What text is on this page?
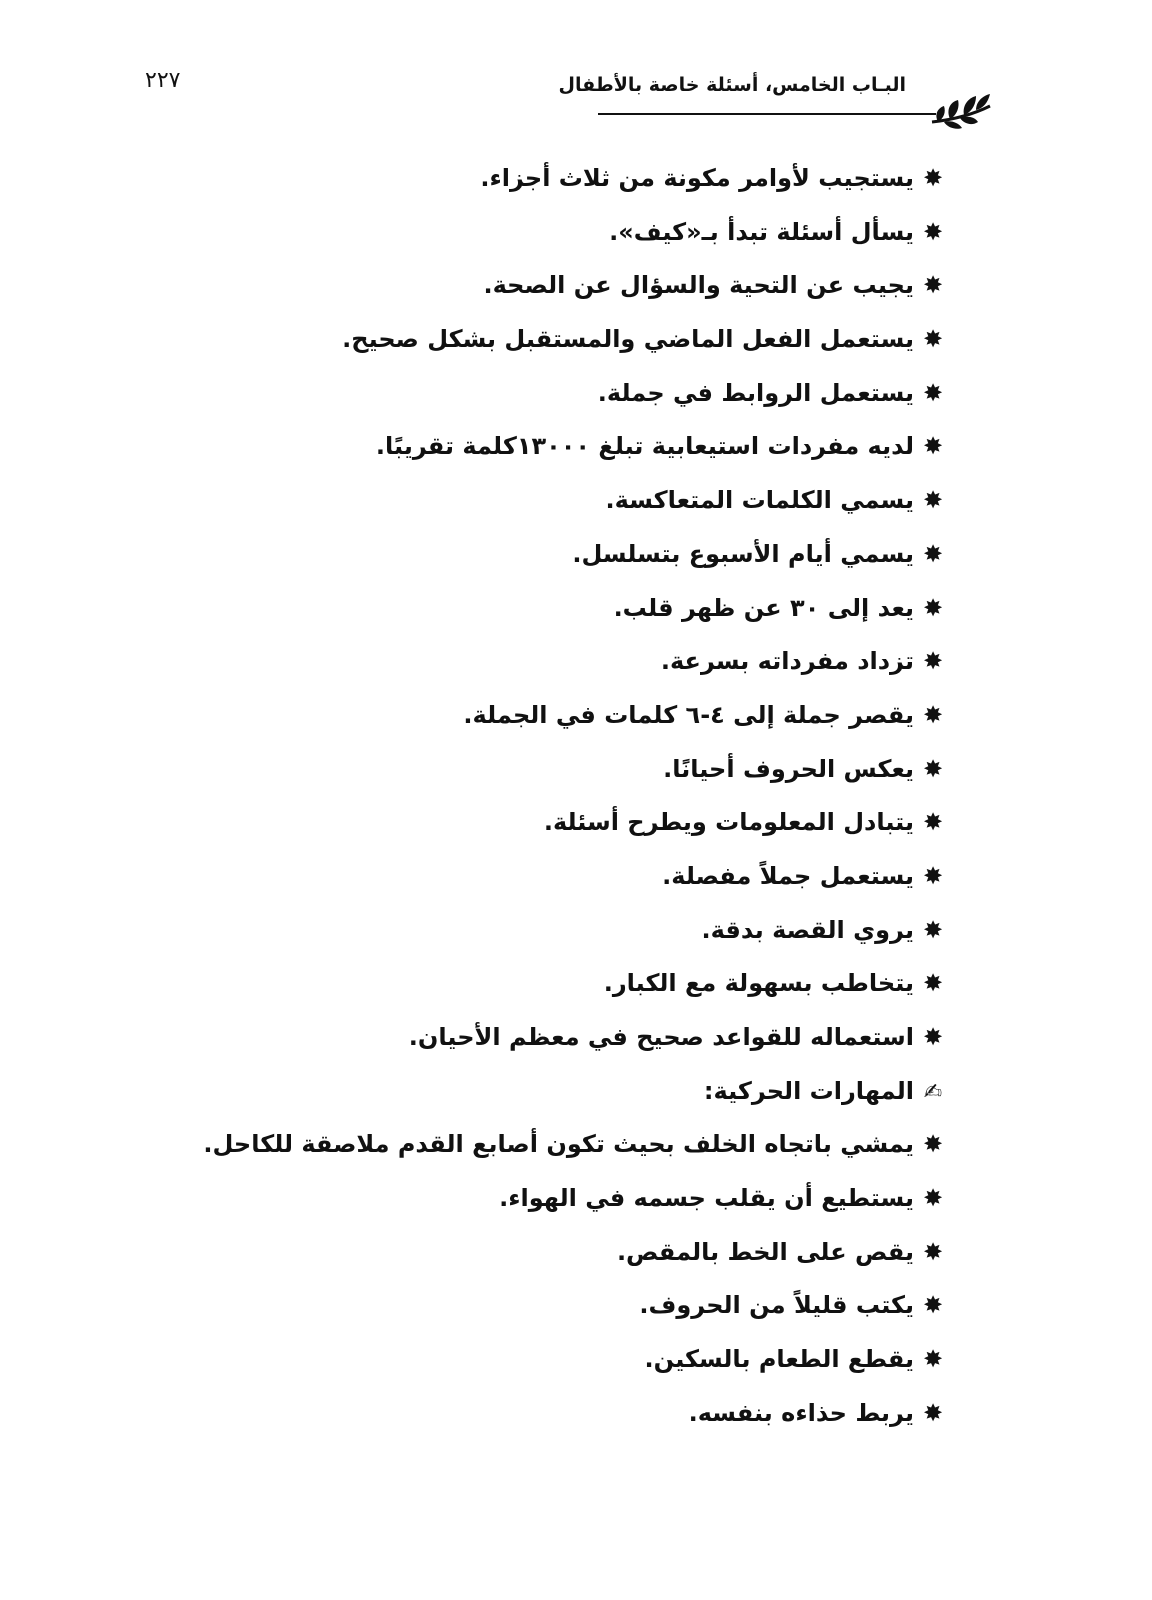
٢٢٧	البـاب الخامس، أسئلة خاصة بالأطفال
✸يستجيب لأوامر مكونة من ثلاث أجزاء.
✸يسأل أسئلة تبدأ بـ«كيف».
✸يجيب عن التحية والسؤال عن الصحة.
✸يستعمل الفعل الماضي والمستقبل بشكل صحيح.
✸يستعمل الروابط في جملة.
✸لديه مفردات استيعابية تبلغ ١٣٠٠٠كلمة تقريبًا.
✸يسمي الكلمات المتعاكسة.
✸يسمي أيام الأسبوع بتسلسل.
✸يعد إلى ٣٠ عن ظهر قلب.
✸تزداد مفرداته بسرعة.
✸يقصر جملة إلى ٤-٦ كلمات في الجملة.
✸يعكس الحروف أحيانًا.
✸يتبادل المعلومات ويطرح أسئلة.
✸يستعمل جملاً مفصلة.
✸يروي القصة بدقة.
✸يتخاطب بسهولة مع الكبار.
✸استعماله للقواعد صحيح في معظم الأحيان.
✍المهارات الحركية:
✸يمشي باتجاه الخلف بحيث تكون أصابع القدم ملاصقة للكاحل.
✸يستطيع أن يقلب جسمه في الهواء.
✸يقص على الخط بالمقص.
✸يكتب قليلاً من الحروف.
✸يقطع الطعام بالسكين.
✸يربط حذاءه بنفسه.
